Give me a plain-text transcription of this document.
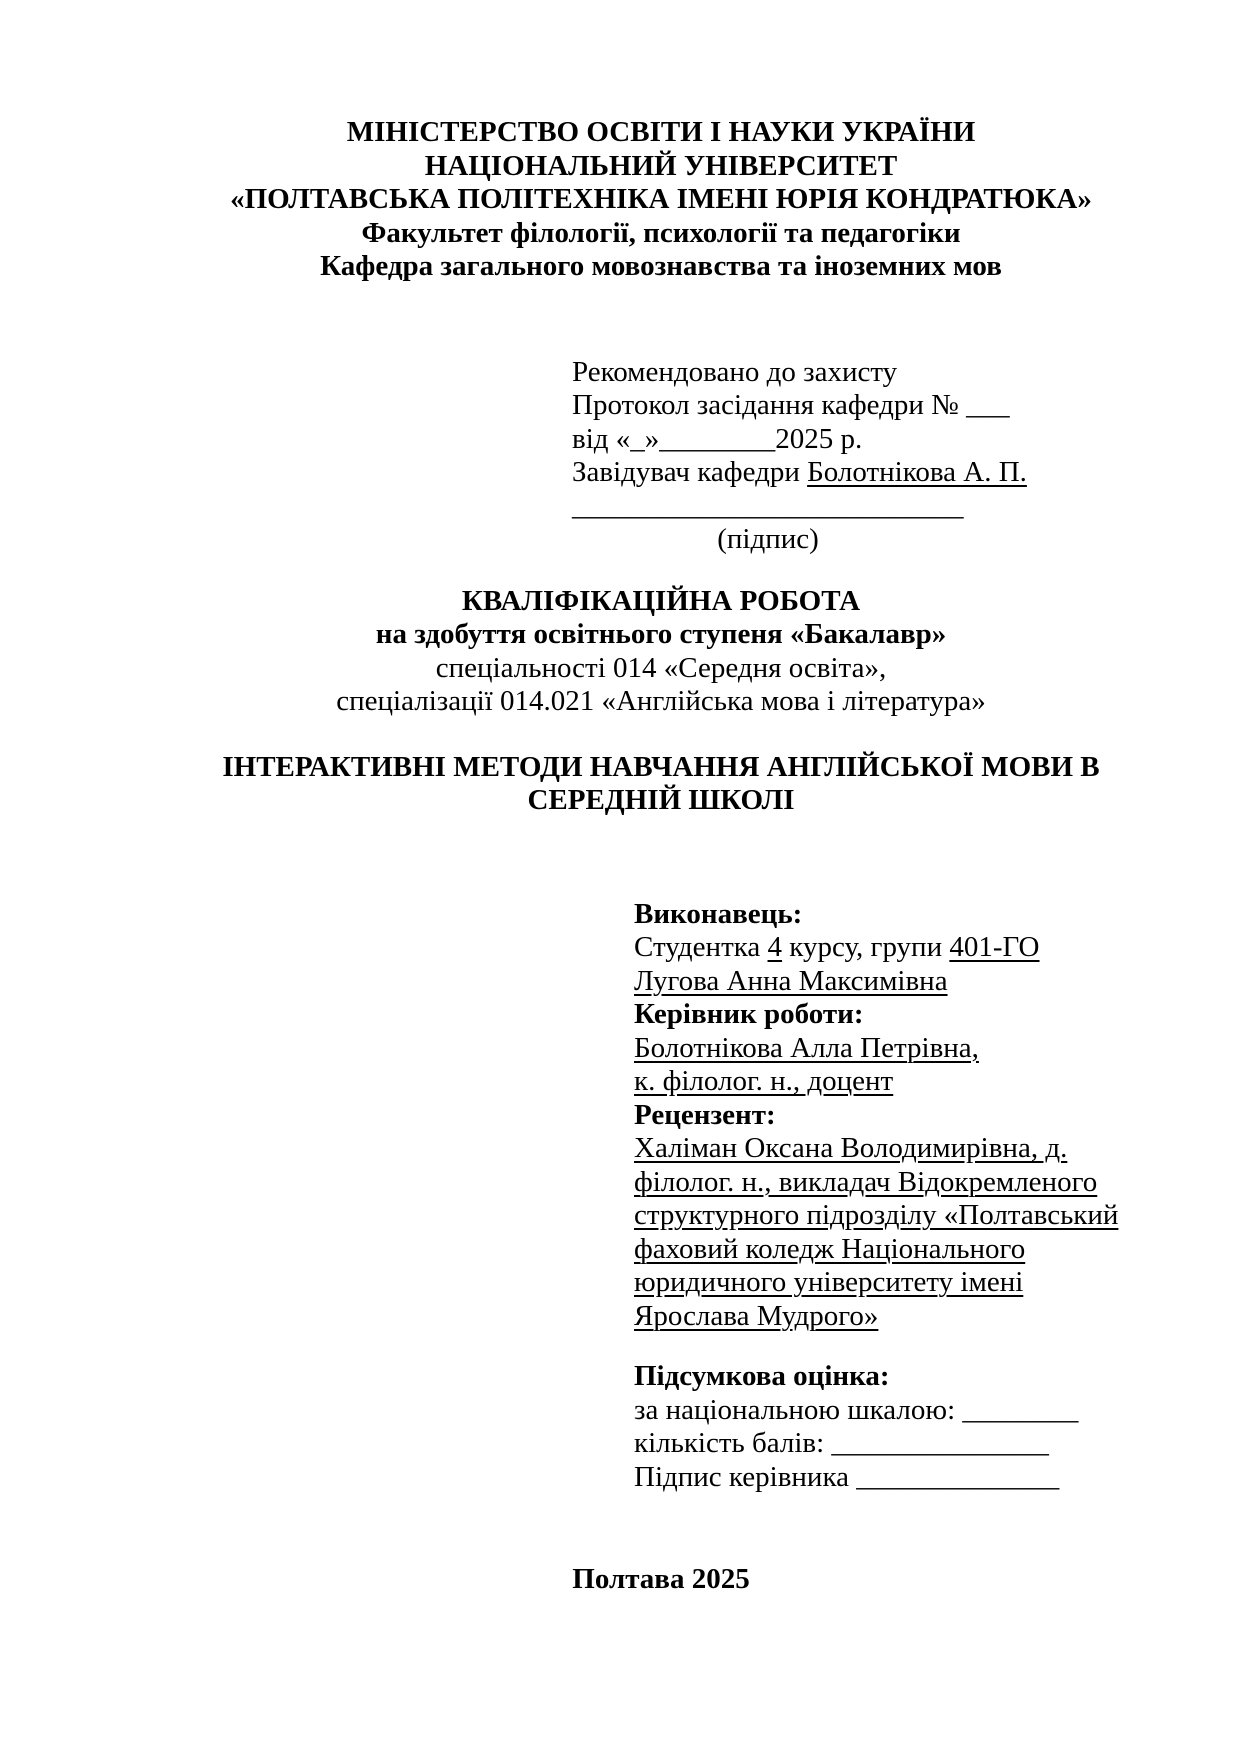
МІНІСТЕРСТВО ОСВІТИ І НАУКИ УКРАЇНИ

НАЦІОНАЛЬНИЙ УНІВЕРСИТЕТ

«ПОЛТАВСЬКА ПОЛІТЕХНІКА ІМЕНІ ЮРІЯ КОНДРАТЮКА»

Факультет філології, психології та педагогіки

Кафедра загального мовознавства та іноземних мов

Рекомендовано до захисту

Протокол засідання кафедри № ___

від «_»________2025 р.

Завідувач кафедри Болотнікова А. П.

___________________________

(підпис)

КВАЛІФІКАЦІЙНА РОБОТА

на здобуття освітнього ступеня «Бакалавр»

спеціальності 014 «Середня освіта»,

спеціалізації 014.021 «Англійська мова і література»

ІНТЕРАКТИВНІ МЕТОДИ НАВЧАННЯ АНГЛІЙСЬКОЇ МОВИ В

СЕРЕДНІЙ ШКОЛІ

Виконавець:

Студентка 4 курсу, групи 401-ГО

Лугова Анна Максимівна

Керівник роботи:

Болотнікова Алла Петрівна,

к. філолог. н., доцент

Рецензент:

Халіман Оксана Володимирівна, д.

філолог. н., викладач Відокремленого

структурного підрозділу «Полтавський

фаховий коледж Національного

юридичного університету імені

Ярослава Мудрого»

Підсумкова оцінка:

за національною шкалою: ________

кількість балів: _______________

Підпис керівника ______________

Полтава 2025
